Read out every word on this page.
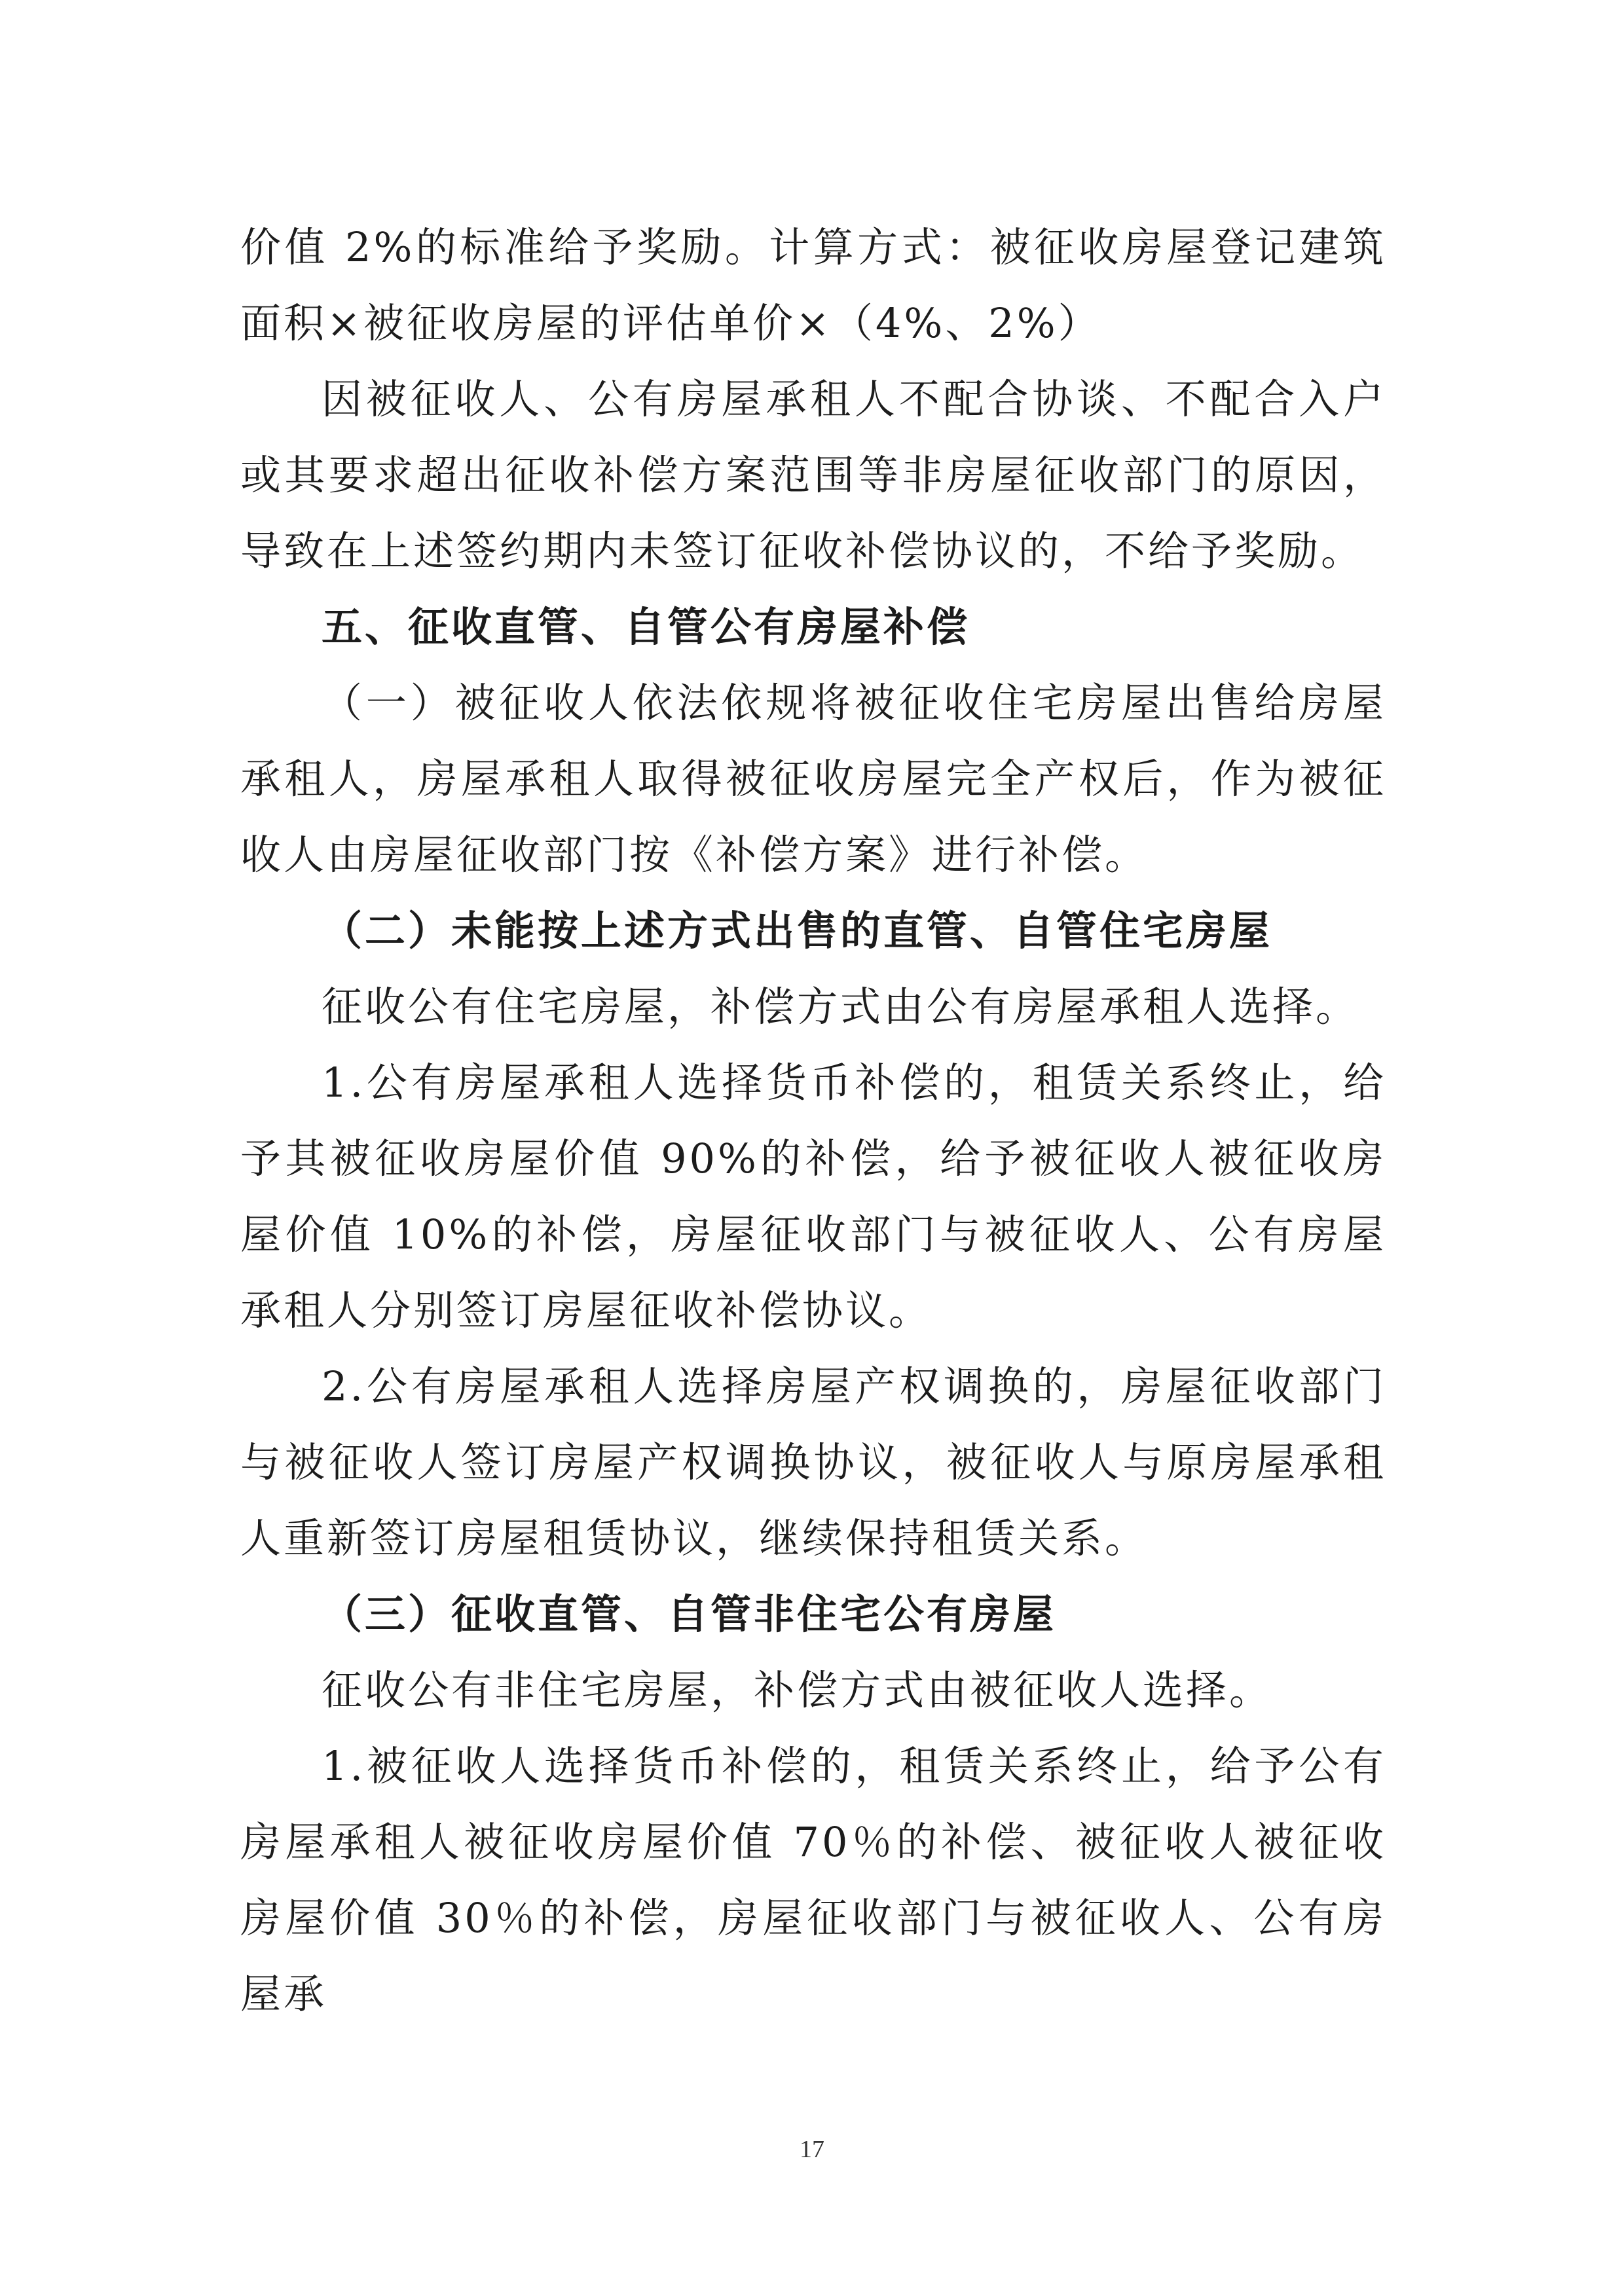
价值 2%的标准给予奖励。计算方式：被征收房屋登记建筑面积×被征收房屋的评估单价×（4%、2%）

因被征收人、公有房屋承租人不配合协谈、不配合入户或其要求超出征收补偿方案范围等非房屋征收部门的原因，导致在上述签约期内未签订征收补偿协议的，不给予奖励。

五、征收直管、自管公有房屋补偿

（一）被征收人依法依规将被征收住宅房屋出售给房屋承租人，房屋承租人取得被征收房屋完全产权后，作为被征收人由房屋征收部门按《补偿方案》进行补偿。

（二）未能按上述方式出售的直管、自管住宅房屋

征收公有住宅房屋，补偿方式由公有房屋承租人选择。

1.公有房屋承租人选择货币补偿的，租赁关系终止，给予其被征收房屋价值 90%的补偿，给予被征收人被征收房屋价值 10%的补偿，房屋征收部门与被征收人、公有房屋承租人分别签订房屋征收补偿协议。

2.公有房屋承租人选择房屋产权调换的，房屋征收部门与被征收人签订房屋产权调换协议，被征收人与原房屋承租人重新签订房屋租赁协议，继续保持租赁关系。

（三）征收直管、自管非住宅公有房屋

征收公有非住宅房屋，补偿方式由被征收人选择。

1.被征收人选择货币补偿的，租赁关系终止，给予公有房屋承租人被征收房屋价值 70％的补偿、被征收人被征收房屋价值 30％的补偿，房屋征收部门与被征收人、公有房屋承

17
